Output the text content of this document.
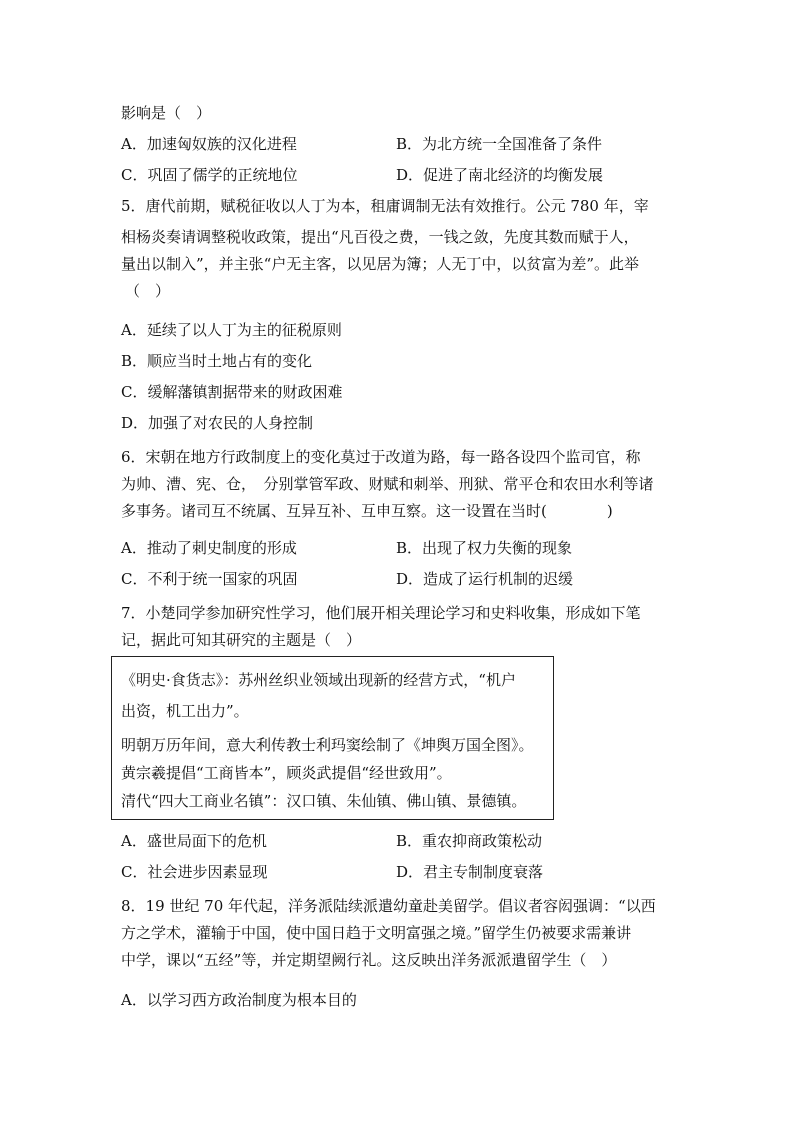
影响是（　）
A．加速匈奴族的汉化进程	B．为北方统一全国准备了条件
C．巩固了儒学的正统地位	D．促进了南北经济的均衡发展
5．唐代前期，赋税征收以人丁为本，租庸调制无法有效推行。公元 780 年，宰
相杨炎奏请调整税收政策，提出“凡百役之费，一钱之敛，先度其数而赋于人，
量出以制入”，并主张“户无主客，以见居为簿；人无丁中，以贫富为差”。此举
（　）
A．延续了以人丁为主的征税原则
B．顺应当时土地占有的变化
C．缓解藩镇割据带来的财政困难
D．加强了对农民的人身控制
6．宋朝在地方行政制度上的变化莫过于改道为路，每一路各设四个监司官，称
为帅、漕、宪、仓，　分别掌管军政、财赋和刺举、刑狱、常平仓和农田水利等诸
多事务。诸司互不统属、互异互补、互申互察。这一设置在当时(　　　　)
A．推动了刺史制度的形成	B．出现了权力失衡的现象
C．不利于统一国家的巩固	D．造成了运行机制的迟缓
7．小楚同学参加研究性学习，他们展开相关理论学习和史料收集，形成如下笔
记，据此可知其研究的主题是（　）
《明史·食货志》：苏州丝织业领域出现新的经营方式，“机户
出资，机工出力”。
明朝万历年间，意大利传教士利玛窦绘制了《坤舆万国全图》。
黄宗羲提倡“工商皆本”，顾炎武提倡“经世致用”。
清代“四大工商业名镇”：汉口镇、朱仙镇、佛山镇、景德镇。
A．盛世局面下的危机	B．重农抑商政策松动
C．社会进步因素显现	D．君主专制制度衰落
8．19 世纪 70 年代起，洋务派陆续派遣幼童赴美留学。倡议者容闳强调：“以西
方之学术，灌输于中国，使中国日趋于文明富强之境。”留学生仍被要求需兼讲
中学，课以“五经”等，并定期望阙行礼。这反映出洋务派派遣留学生（　）
A．以学习西方政治制度为根本目的
